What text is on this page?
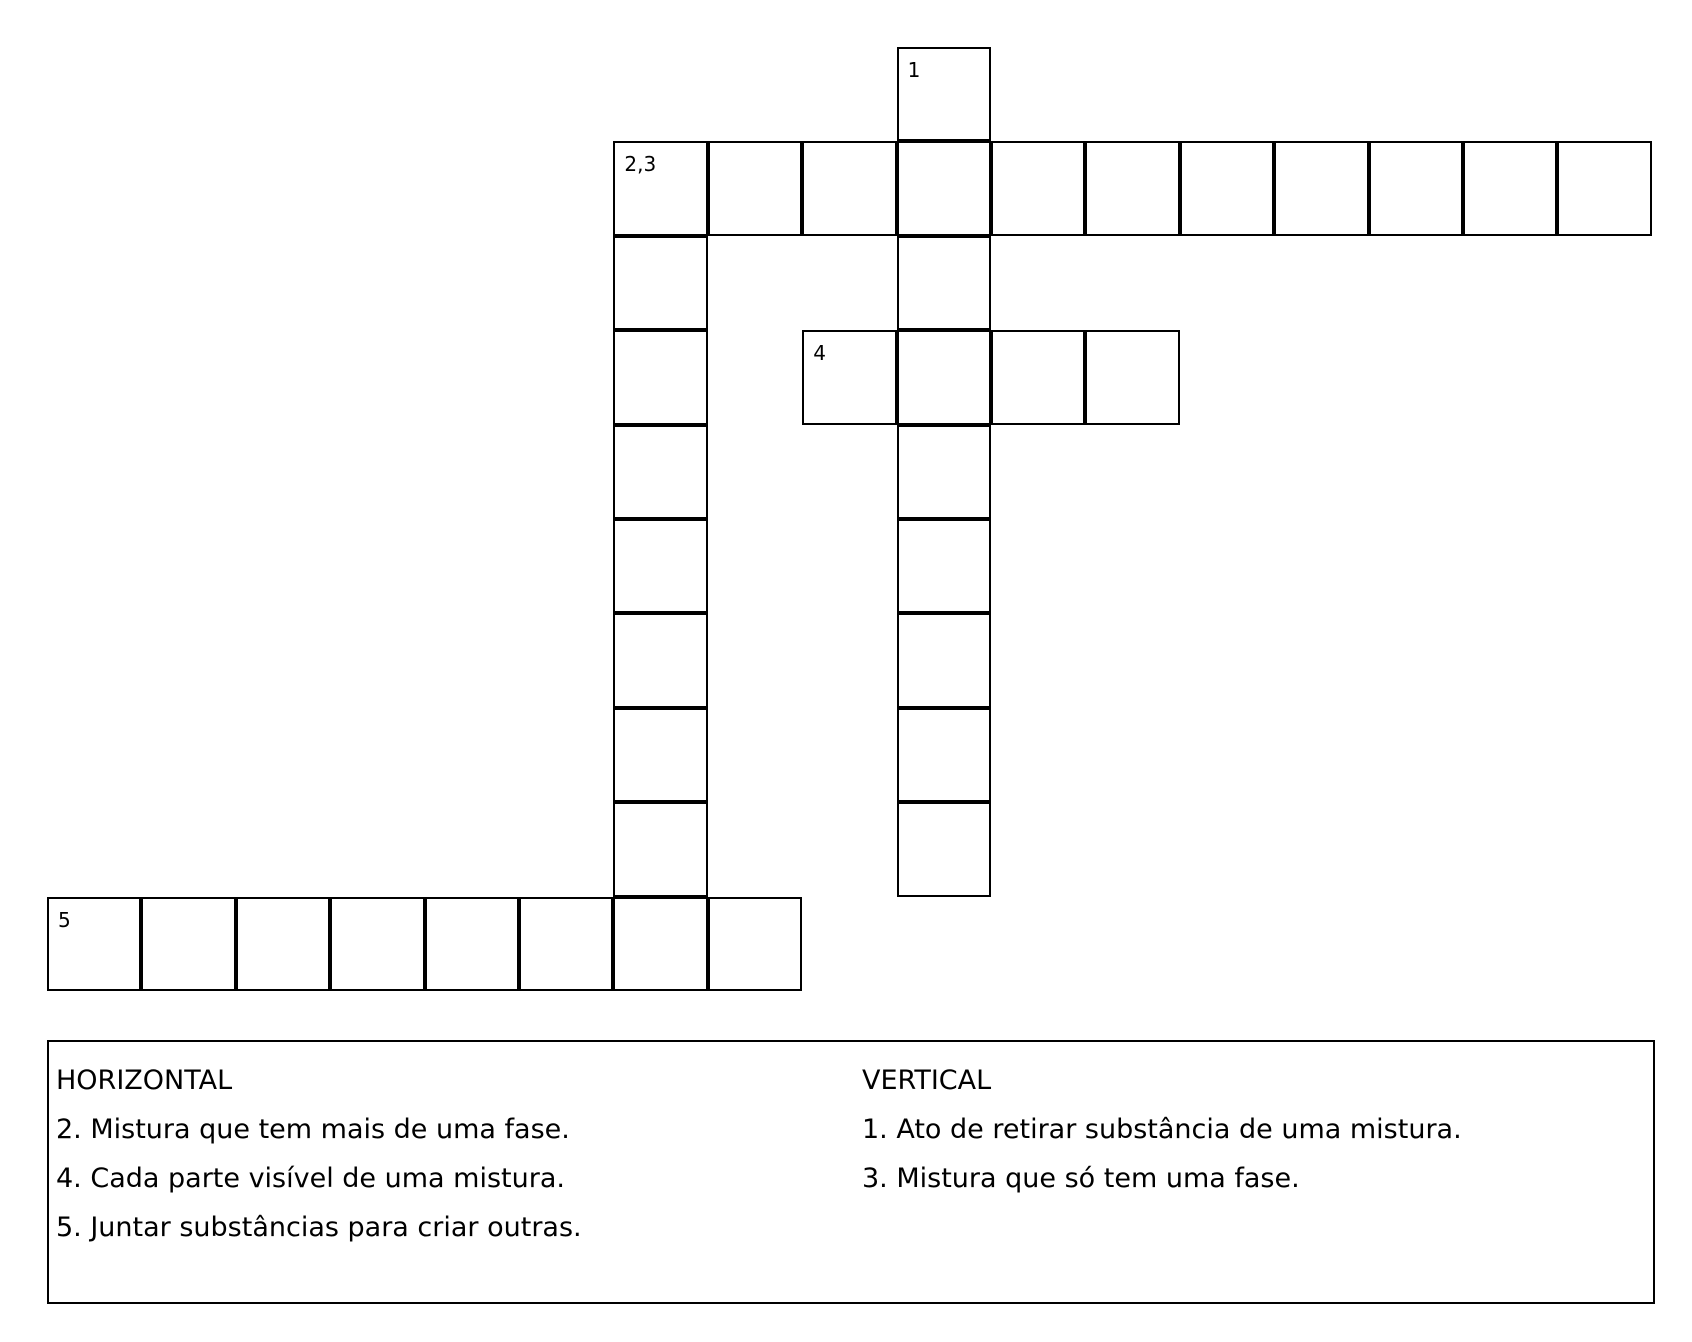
1
2,3
4
5
HORIZONTAL
2. Mistura que tem mais de uma fase.
4. Cada parte visível de uma mistura.
5. Juntar substâncias para criar outras.
VERTICAL
1. Ato de retirar substância de uma mistura.
3. Mistura que só tem uma fase.
